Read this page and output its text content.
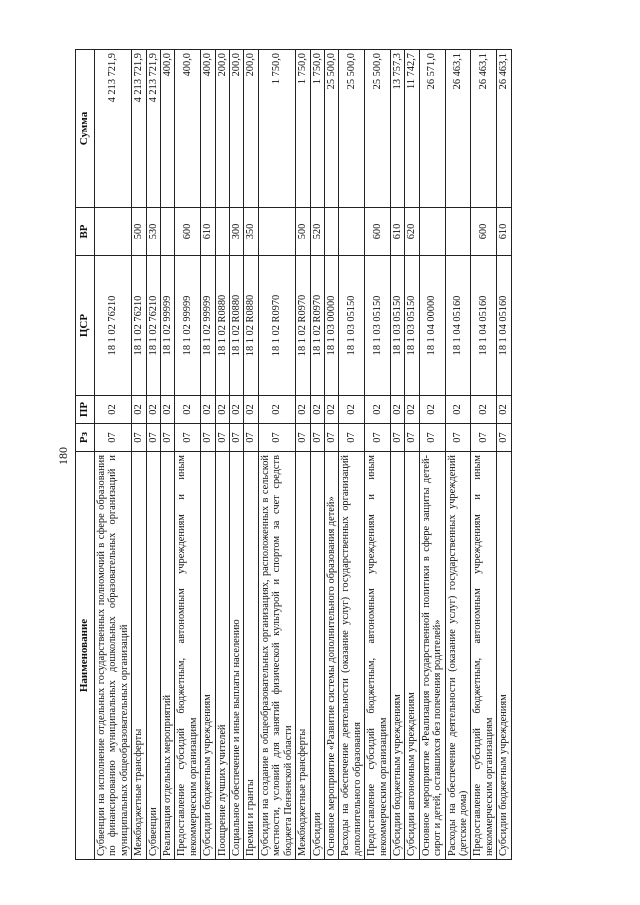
180
Наименование	Рз	ПР	ЦСР	ВР	Сумма
Субвенции на исполнение отдельных государственных полномочий в сфере образования по финансированию муниципальных дошкольных образовательных организаций и муниципальных общеобразовательных организаций	07	02	18 1 02 76210		4 213 721,9
Межбюджетные трансферты	07	02	18 1 02 76210	500	4 213 721,9
Субвенции	07	02	18 1 02 76210	530	4 213 721,9
Реализация отдельных мероприятий	07	02	18 1 02 99999		400,0
Предоставление субсидий бюджетным, автономным учреждениям и иным некоммерческим организациям	07	02	18 1 02 99999	600	400,0
Субсидии бюджетным учреждениям	07	02	18 1 02 99999	610	400,0
Поощрение лучших учителей	07	02	18 1 02 R0880		200,0
Социальное обеспечение и иные выплаты населению	07	02	18 1 02 R0880	300	200,0
Премии и гранты	07	02	18 1 02 R0880	350	200,0
Субсидии на создание в общеобразовательных организациях, расположенных в сельской местности, условий для занятий физической культурой и спортом за счет средств бюджета Пензенской области	07	02	18 1 02 R0970		1 750,0
Межбюджетные трансферты	07	02	18 1 02 R0970	500	1 750,0
Субсидии	07	02	18 1 02 R0970	520	1 750,0
Основное мероприятие «Развитие системы дополнительного образования детей»	07	02	18 1 03 00000		25 500,0
Расходы на обеспечение деятельности (оказание услуг) государственных организаций дополнительного образования	07	02	18 1 03 05150		25 500,0
Предоставление субсидий бюджетным, автономным учреждениям и иным некоммерческим организациям	07	02	18 1 03 05150	600	25 500,0
Субсидии бюджетным учреждениям	07	02	18 1 03 05150	610	13 757,3
Субсидии автономным учреждениям	07	02	18 1 03 05150	620	11 742,7
Основное мероприятие «Реализация государственной политики в сфере защиты детей-сирот и детей, оставшихся без попечения родителей»	07	02	18 1 04 00000		26 571,0
Расходы на обеспечение деятельности (оказание услуг) государственных учреждений (детские дома)	07	02	18 1 04 05160		26 463,1
Предоставление субсидий бюджетным, автономным учреждениям и иным некоммерческим организациям	07	02	18 1 04 05160	600	26 463,1
Субсидии бюджетным учреждениям	07	02	18 1 04 05160	610	26 463,1
